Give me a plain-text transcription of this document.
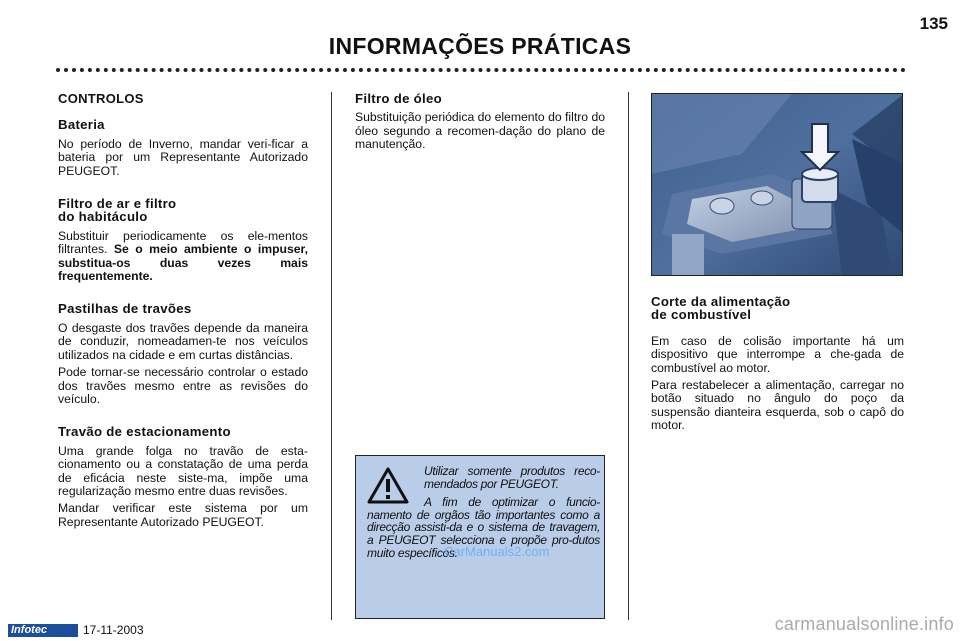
135
INFORMAÇÕES PRÁTICAS
CONTROLOS
Bateria

No período de Inverno, mandar veri-ficar a bateria por um Representante Autorizado PEUGEOT.

Filtro de ar e filtro
do habitáculo

Substituir periodicamente os ele-mentos filtrantes. Se o meio ambiente o impuser, substitua-os duas vezes mais frequentemente.

Pastilhas de travões

O desgaste dos travões depende da maneira de conduzir, nomeadamen-te nos veículos utilizados na cidade e em curtas distâncias.

Pode tornar-se necessário controlar o estado dos travões mesmo entre as revisões do veículo.

Travão de estacionamento

Uma grande folga no travão de esta-cionamento ou a constatação de uma perda de eficácia neste siste-ma, impõe uma regularização mesmo entre duas revisões.

Mandar verificar este sistema por um Representante Autorizado PEUGEOT.

Filtro de óleo

Substituição periódica do elemento do filtro do óleo segundo a recomen-dação do plano de manutenção.

Utilizar somente produtos reco-mendados por PEUGEOT.

A fim de optimizar o funcio-namento de orgãos tão importantes como a direcção assisti-da e o sistema de travagem, a PEUGEOT selecciona e propõe pro-dutos muito específicos.

CarManuals2.com
Corte da alimentação
de combustível

Em caso de colisão importante há um dispositivo que interrompe a che-gada de combustível ao motor.

Para restabelecer a alimentação, carregar no botão situado no ângulo do poço da suspensão dianteira esquerda, sob o capô do motor.

Infotec	17-11-2003	carmanualsonline.info
